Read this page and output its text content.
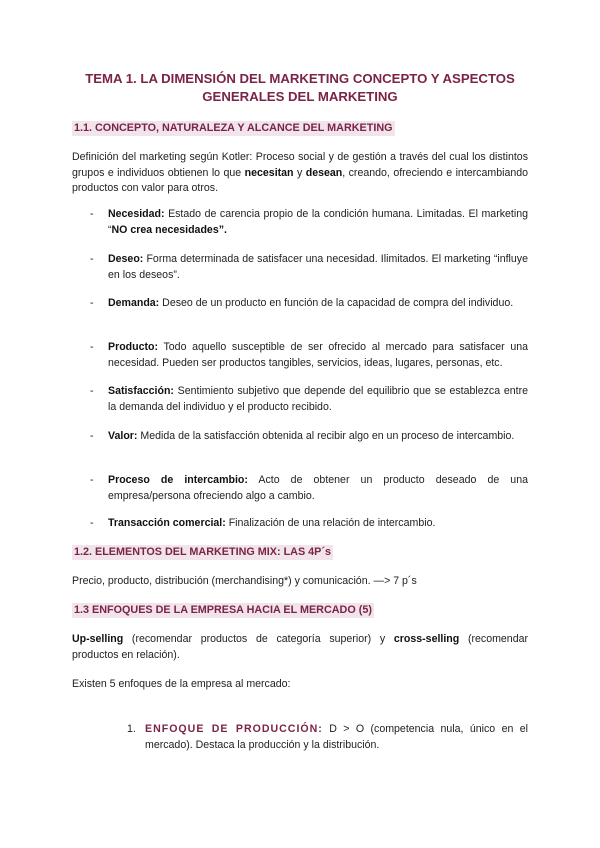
TEMA 1. LA DIMENSIÓN DEL MARKETING CONCEPTO Y ASPECTOS
GENERALES DEL MARKETING
1.1. CONCEPTO, NATURALEZA Y ALCANCE DEL MARKETING
Definición del marketing según Kotler: Proceso social y de gestión a través del cual los distintos grupos e individuos obtienen lo que necesitan y desean, creando, ofreciendo e intercambiando productos con valor para otros.
- Necesidad: Estado de carencia propio de la condición humana. Limitadas. El marketing “NO crea necesidades”.
- Deseo: Forma determinada de satisfacer una necesidad. Ilimitados. El marketing “influye en los deseos”.
- Demanda: Deseo de un producto en función de la capacidad de compra del individuo.
- Producto: Todo aquello susceptible de ser ofrecido al mercado para satisfacer una necesidad. Pueden ser productos tangibles, servicios, ideas, lugares, personas, etc.
- Satisfacción: Sentimiento subjetivo que depende del equilibrio que se establezca entre la demanda del individuo y el producto recibido.
- Valor: Medida de la satisfacción obtenida al recibir algo en un proceso de intercambio.
- Proceso de intercambio: Acto de obtener un producto deseado de una empresa/persona ofreciendo algo a cambio.
- Transacción comercial: Finalización de una relación de intercambio.
1.2. ELEMENTOS DEL MARKETING MIX: LAS 4P´s
Precio, producto, distribución (merchandising*) y comunicación. —> 7 p´s
1.3 ENFOQUES DE LA EMPRESA HACIA EL MERCADO (5)
Up-selling (recomendar productos de categoría superior) y cross-selling (recomendar productos en relación).
Existen 5 enfoques de la empresa al mercado:
1. ENFOQUE DE PRODUCCIÓN: D > O (competencia nula, único en el mercado). Destaca la producción y la distribución.
